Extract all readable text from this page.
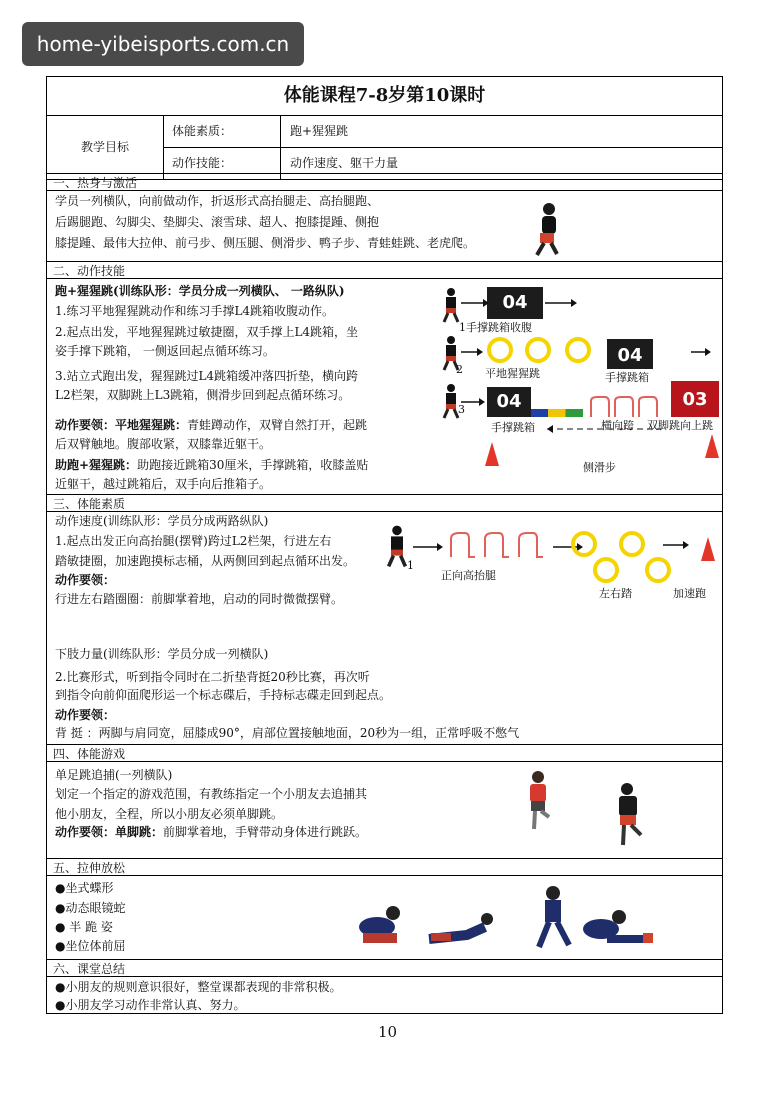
home-yibeisports.com.cn
体能课程7-8岁第10课时
教学目标
体能素质：	跑+猩猩跳
动作技能：	动作速度、躯干力量
一、热身与激活
学员一列横队，向前做动作，折返形式高抬腿走、高抬腿跑、
后踢腿跑、勾脚尖、垫脚尖、滚雪球、超人、抱膝提踵、侧抱
膝提踵、最伟大拉伸、前弓步、侧压腿、侧滑步、鸭子步、青蛙蛙跳、老虎爬。
二、动作技能
跑+猩猩跳(训练队形：学员分成一列横队、 一路纵队)
1.练习平地猩猩跳动作和练习手撑L4跳箱收腹动作。
2.起点出发，平地猩猩跳过敏捷圈，双手撑上L4跳箱，坐
姿手撑下跳箱， 一侧返回起点循环练习。
3.站立式跑出发，猩猩跳过L4跳箱缓冲落四折垫，横向跨
L2栏架，双脚跳上L3跳箱，侧滑步回到起点循环练习。
动作要领：平地猩猩跳：青蛙蹲动作，双臂自然打开，起跳
后双臂触地。腹部收紧，双膝靠近躯干。
助跑+猩猩跳：助跑接近跳箱30厘米，手撑跳箱，收膝盖贴
近躯干，越过跳箱后，双手向后推箱子。
04
1手撑跳箱收腹
2
04
平地猩猩跳	手撑跳箱
3	04	03
手撑跳箱	横向跨 双脚跳向上跳
侧滑步
三、体能素质
动作速度(训练队形：学员分成两路纵队)
1.起点出发正向高抬腿(摆臂)跨过L2栏架，行进左右
踏敏捷圈，加速跑摸标志桶，从两侧回到起点循环出发。
动作要领：
行进左右踏圈圈：前脚掌着地，启动的同时微微摆臂。
下肢力量(训练队形：学员分成一列横队)
2.比赛形式，听到指令同时在二折垫背挺20秒比赛，再次听
到指令向前仰面爬形运一个标志碟后，手持标志碟走回到起点。
动作要领：
背 挺 ：两脚与肩同宽，屈膝成90°，肩部位置接触地面，20秒为一组，正常呼吸不憋气
1
正向高抬腿
左右踏	加速跑
四、体能游戏
单足跳追捕(一列横队)
划定一个指定的游戏范围，有教练指定一个小朋友去追捕其
他小朋友，全程，所以小朋友必须单脚跳。
动作要领：单脚跳：前脚掌着地，手臂带动身体进行跳跃。
五、拉伸放松
●坐式蝶形
●动态眼镜蛇
● 半 跪 姿
●坐位体前屈
六、课堂总结
●小朋友的规则意识很好，整堂课都表现的非常积极。
●小朋友学习动作非常认真、努力。
10
